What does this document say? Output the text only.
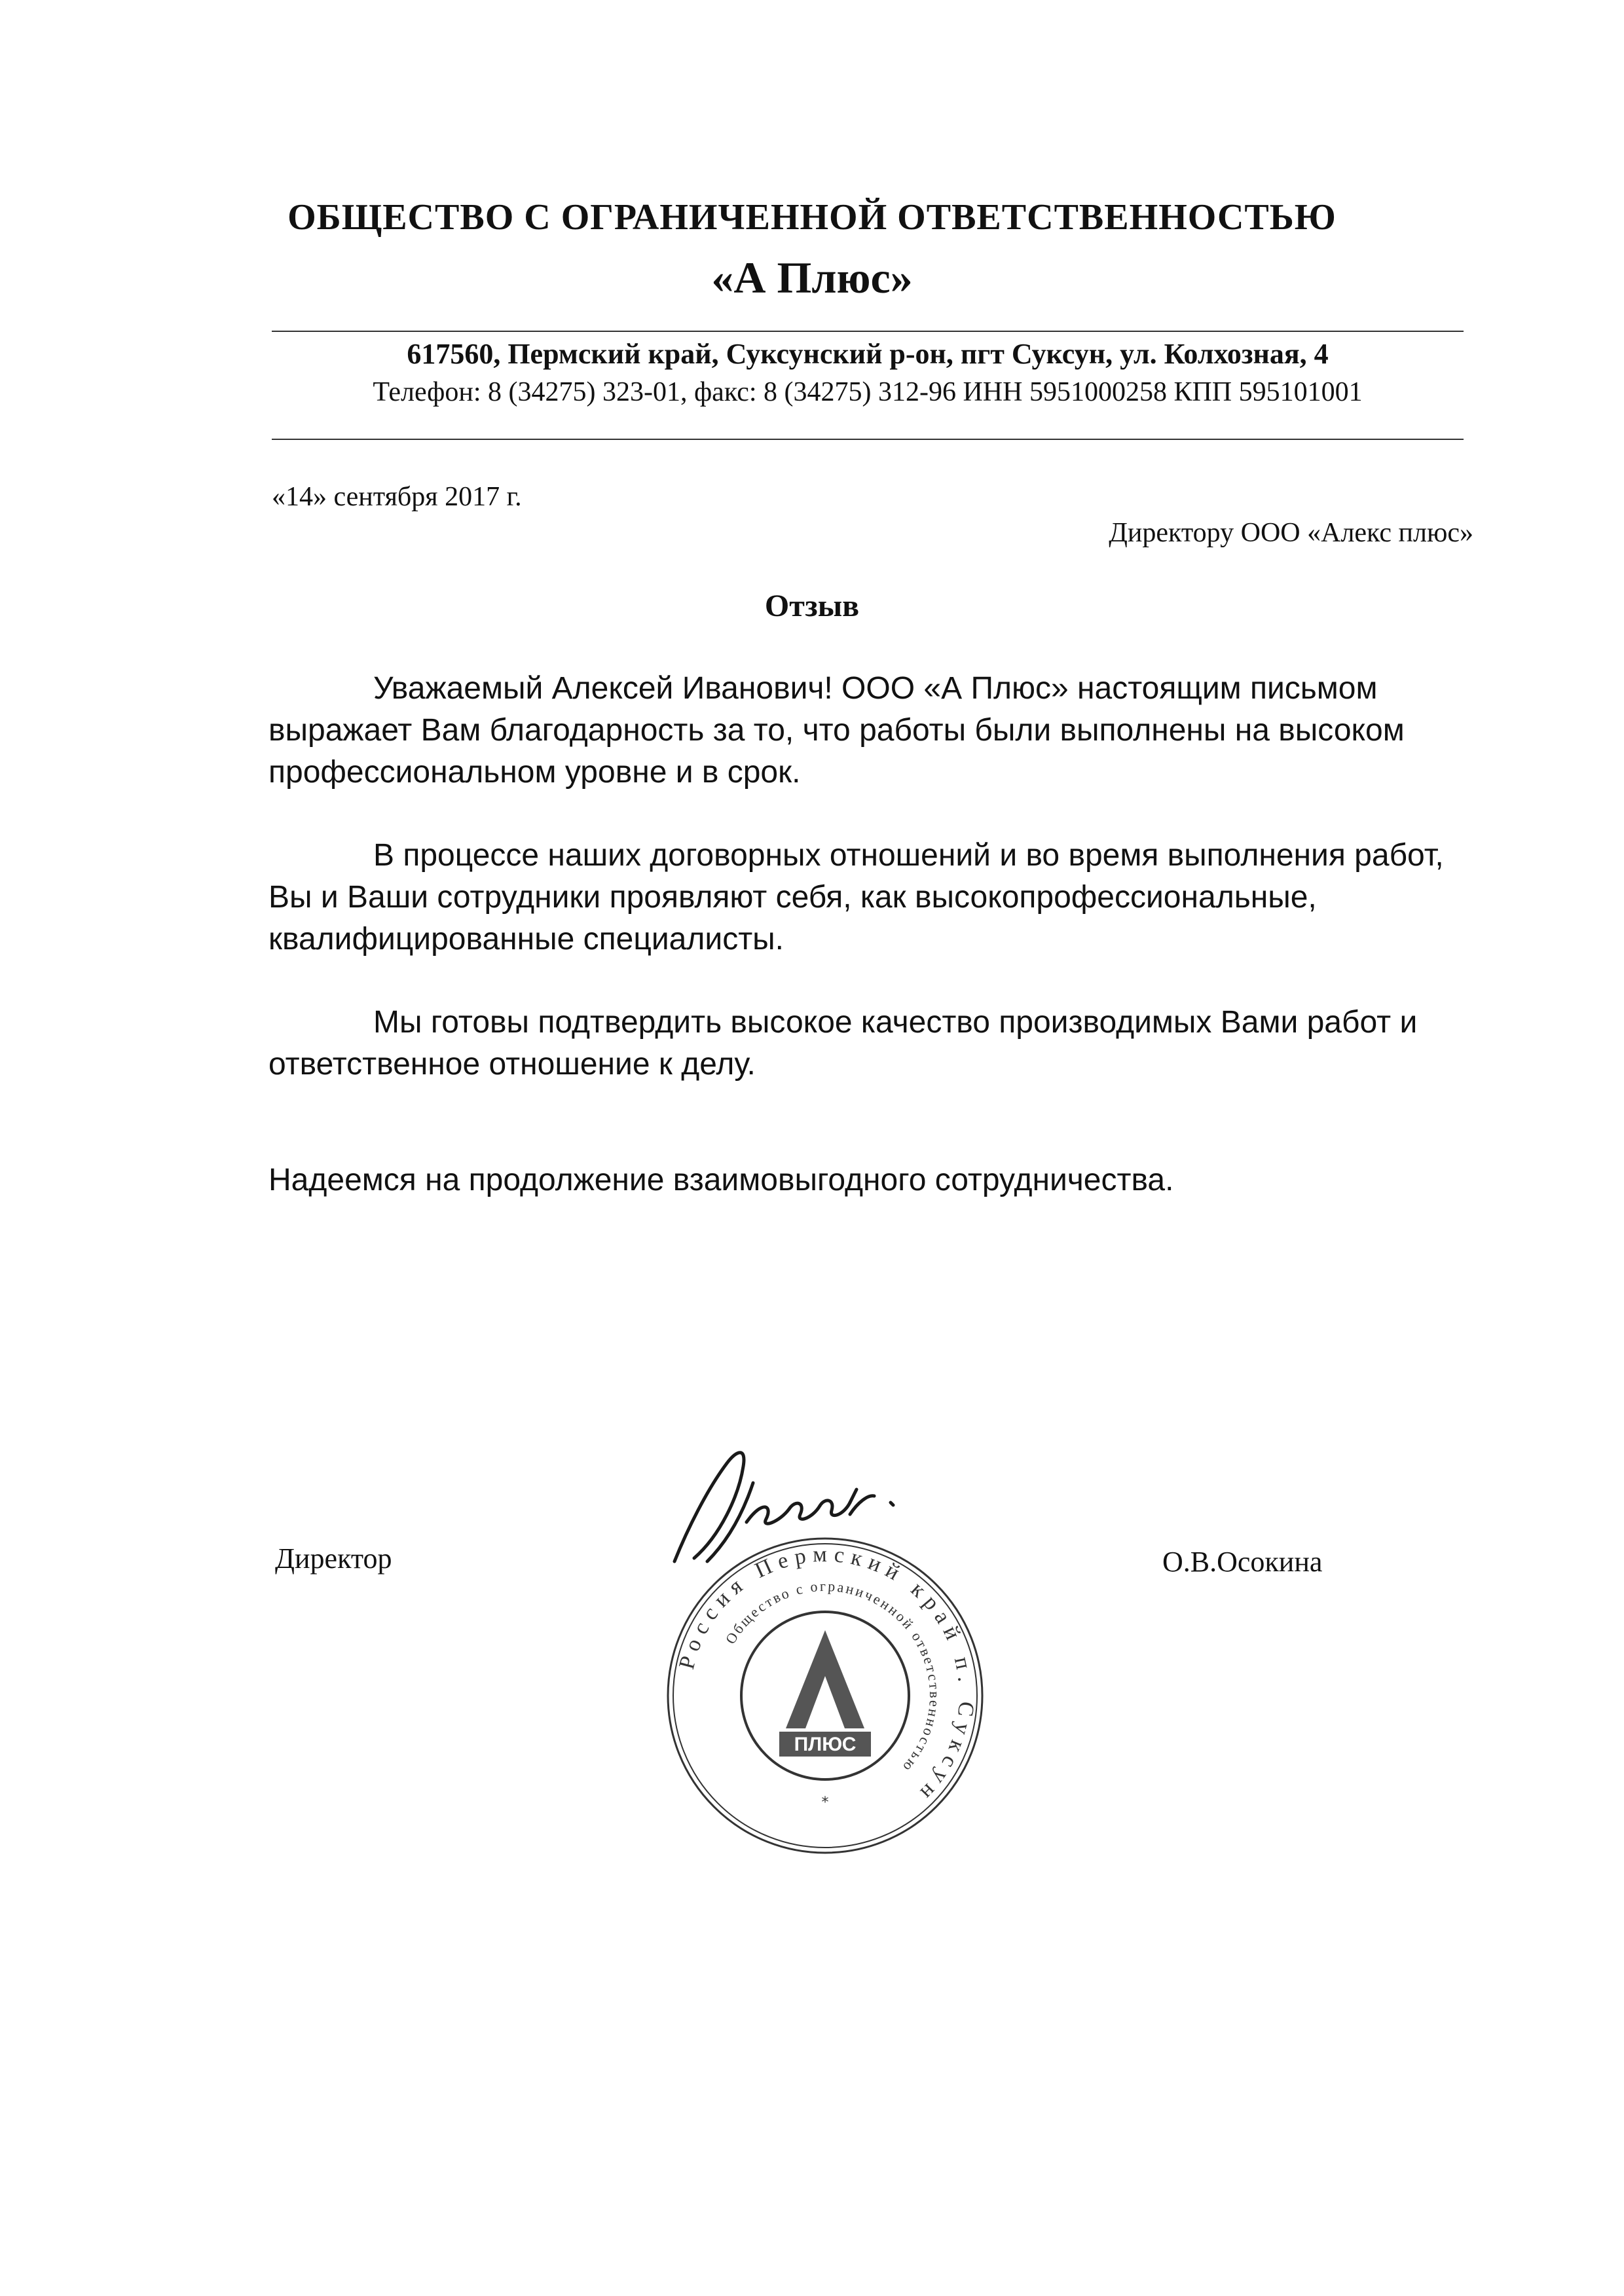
ОБЩЕСТВО С ОГРАНИЧЕННОЙ ОТВЕТСТВЕННОСТЬЮ
«А Плюс»
617560, Пермский край, Суксунский р-он, пгт Суксун, ул. Колхозная, 4
Телефон: 8 (34275) 323-01, факс: 8 (34275) 312-96 ИНН 5951000258 КПП 595101001
«14» сентября 2017 г.
Директору ООО «Алекс плюс»
Отзыв
Уважаемый Алексей Иванович! ООО «А Плюс» настоящим письмом выражает Вам благодарность за то, что работы были выполнены на высоком профессиональном уровне и в срок.
В процессе наших договорных отношений и во время выполнения работ, Вы и Ваши сотрудники проявляют себя, как высокопрофессиональные, квалифицированные специалисты.
Мы готовы подтвердить высокое качество производимых Вами работ и ответственное отношение к делу.
Надеемся на продолжение взаимовыгодного сотрудничества.
Директор	О.В.Осокина
Россия Пермский край п. Суксун
Общество с ограниченной ответственностью
А
ПЛЮС
*
